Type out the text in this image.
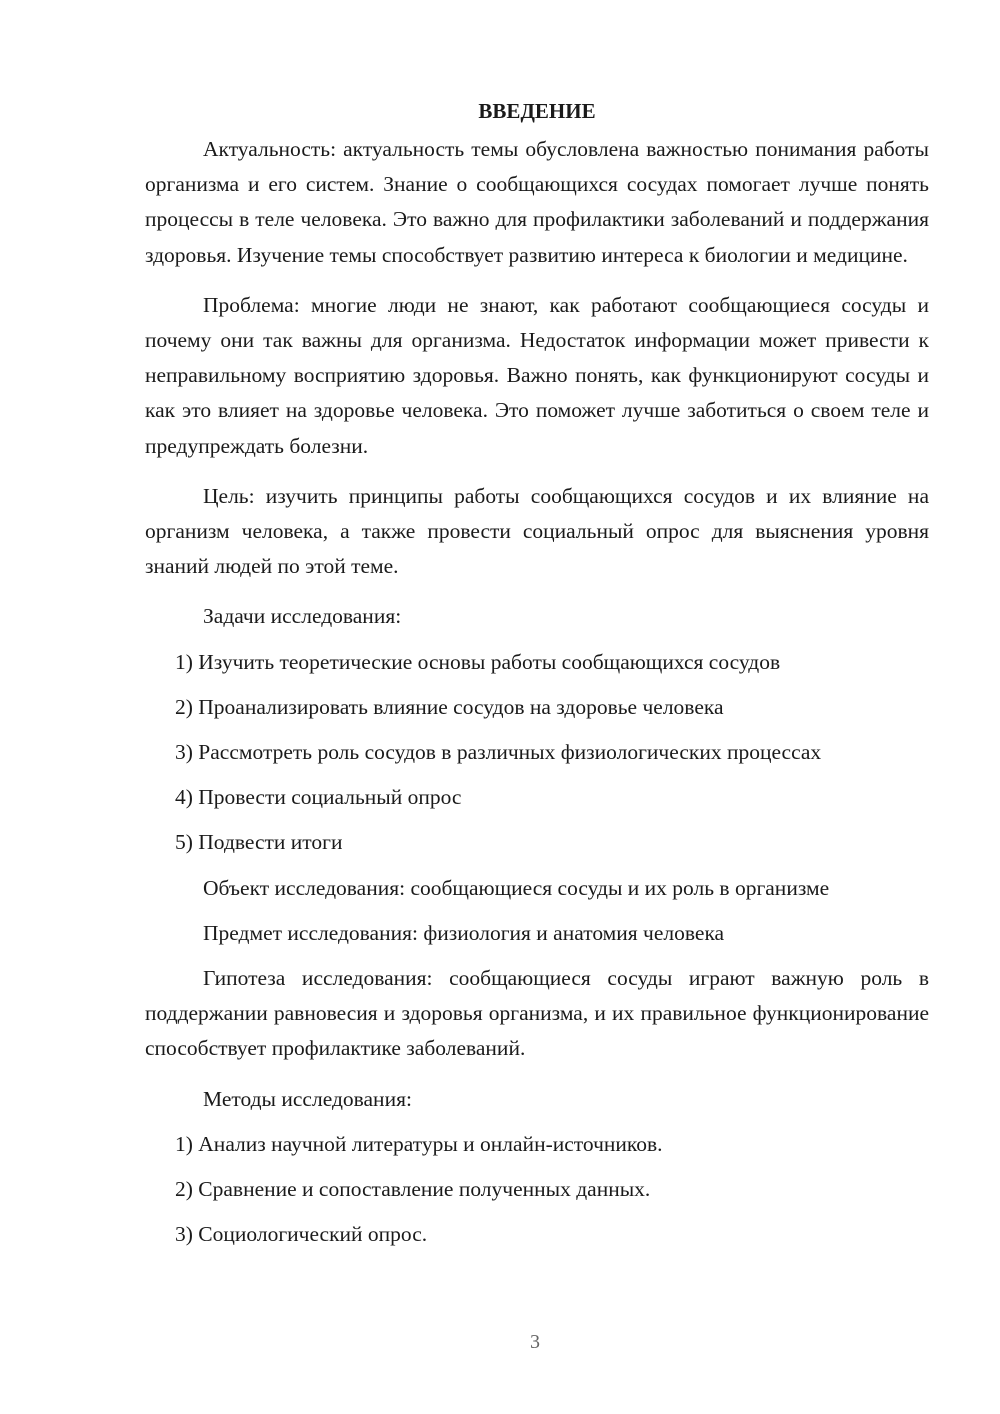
ВВЕДЕНИЕ

Актуальность: актуальность темы обусловлена важностью понимания работы организма и его систем. Знание о сообщающихся сосудах помогает лучше понять процессы в теле человека. Это важно для профилактики заболеваний и поддержания здоровья. Изучение темы способствует развитию интереса к биологии и медицине.

Проблема: многие люди не знают, как работают сообщающиеся сосуды и почему они так важны для организма. Недостаток информации может привести к неправильному восприятию здоровья. Важно понять, как функционируют сосуды и как это влияет на здоровье человека. Это поможет лучше заботиться о своем теле и предупреждать болезни.

Цель: изучить принципы работы сообщающихся сосудов и их влияние на организм человека, а также провести социальный опрос для выяснения уровня знаний людей по этой теме.

Задачи исследования:
1) Изучить теоретические основы работы сообщающихся сосудов
2) Проанализировать влияние сосудов на здоровье человека
3) Рассмотреть роль сосудов в различных физиологических процессах
4) Провести социальный опрос
5) Подвести итоги
Объект исследования: сообщающиеся сосуды и их роль в организме
Предмет исследования: физиология и анатомия человека

Гипотеза исследования: сообщающиеся сосуды играют важную роль в поддержании равновесия и здоровья организма, и их правильное функционирование способствует профилактике заболеваний.

Методы исследования:
1) Анализ научной литературы и онлайн-источников.
2) Сравнение и сопоставление полученных данных.
3) Социологический опрос.
3
